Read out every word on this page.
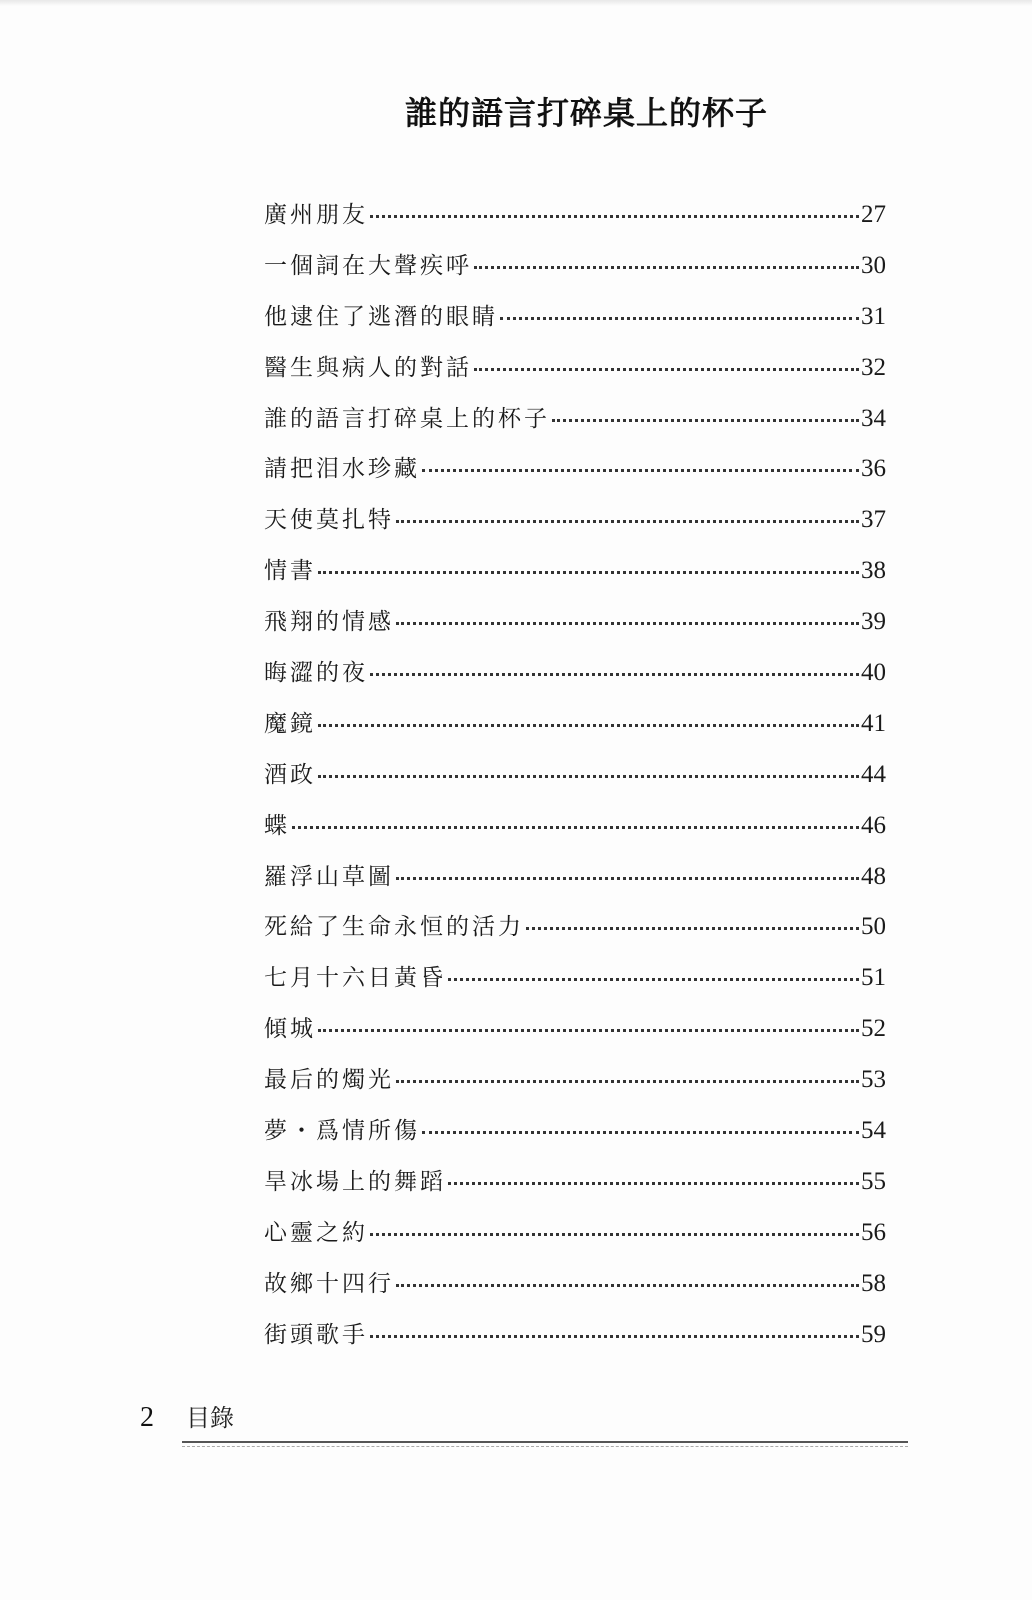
誰的語言打碎桌上的杯子
廣州朋友	27
一個詞在大聲疾呼	30
他逮住了逃潛的眼睛	31
醫生與病人的對話	32
誰的語言打碎桌上的杯子	34
請把泪水珍藏	36
天使莫扎特	37
情書	38
飛翔的情感	39
晦澀的夜	40
魔鏡	41
酒政	44
蝶	46
羅浮山草圖	48
死給了生命永恒的活力	50
七月十六日黃昏	51
傾城	52
最后的燭光	53
夢・爲情所傷	54
旱冰場上的舞蹈	55
心靈之約	56
故鄉十四行	58
街頭歌手	59
2	目錄
